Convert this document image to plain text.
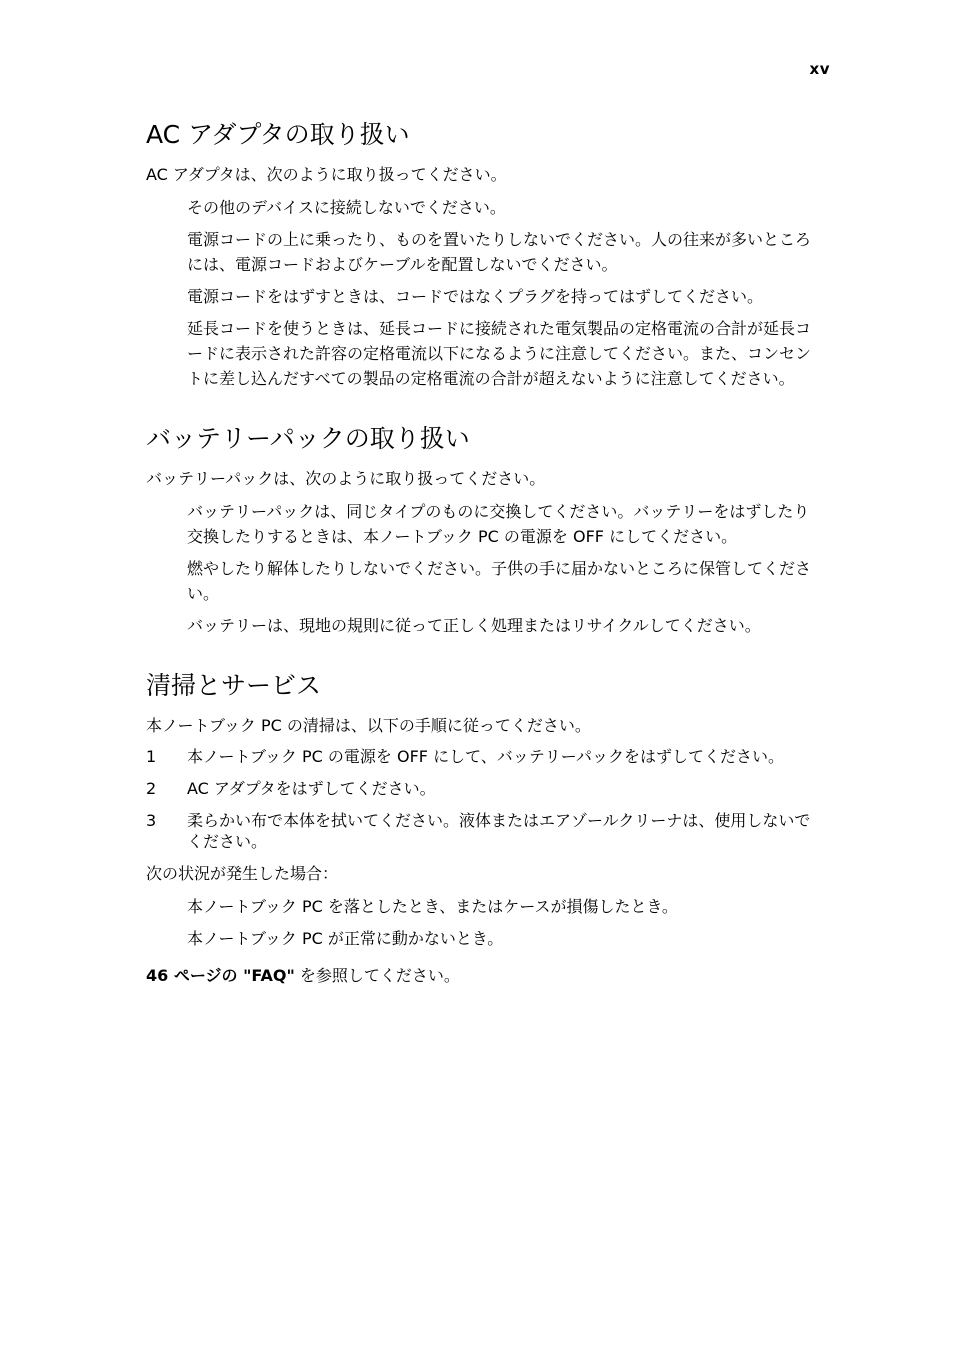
xv
AC アダプタの取り扱い

AC アダプタは、次のように取り扱ってください。

その他のデバイスに接続しないでください。

電源コードの上に乗ったり、ものを置いたりしないでください。人の往来が多いところには、電源コードおよびケーブルを配置しないでください。

電源コードをはずすときは、コードではなくプラグを持ってはずしてください。

延長コードを使うときは、延長コードに接続された電気製品の定格電流の合計が延長コードに表示された許容の定格電流以下になるように注意してください。また、コンセントに差し込んだすべての製品の定格電流の合計が超えないように注意してください。

バッテリーパックの取り扱い

バッテリーパックは、次のように取り扱ってください。

バッテリーパックは、同じタイプのものに交換してください。バッテリーをはずしたり交換したりするときは、本ノートブック PC の電源を OFF にしてください。

燃やしたり解体したりしないでください。子供の手に届かないところに保管してください。

バッテリーは、現地の規則に従って正しく処理またはリサイクルしてください。

清掃とサービス

本ノートブック PC の清掃は、以下の手順に従ってください。

1	本ノートブック PC の電源を OFF にして、バッテリーパックをはずしてください。
2	AC アダプタをはずしてください。
3	柔らかい布で本体を拭いてください。液体またはエアゾールクリーナは、使用しないでください。

次の状況が発生した場合：

本ノートブック PC を落としたとき、またはケースが損傷したとき。

本ノートブック PC が正常に動かないとき。

46 ページの "FAQ" を参照してください。
